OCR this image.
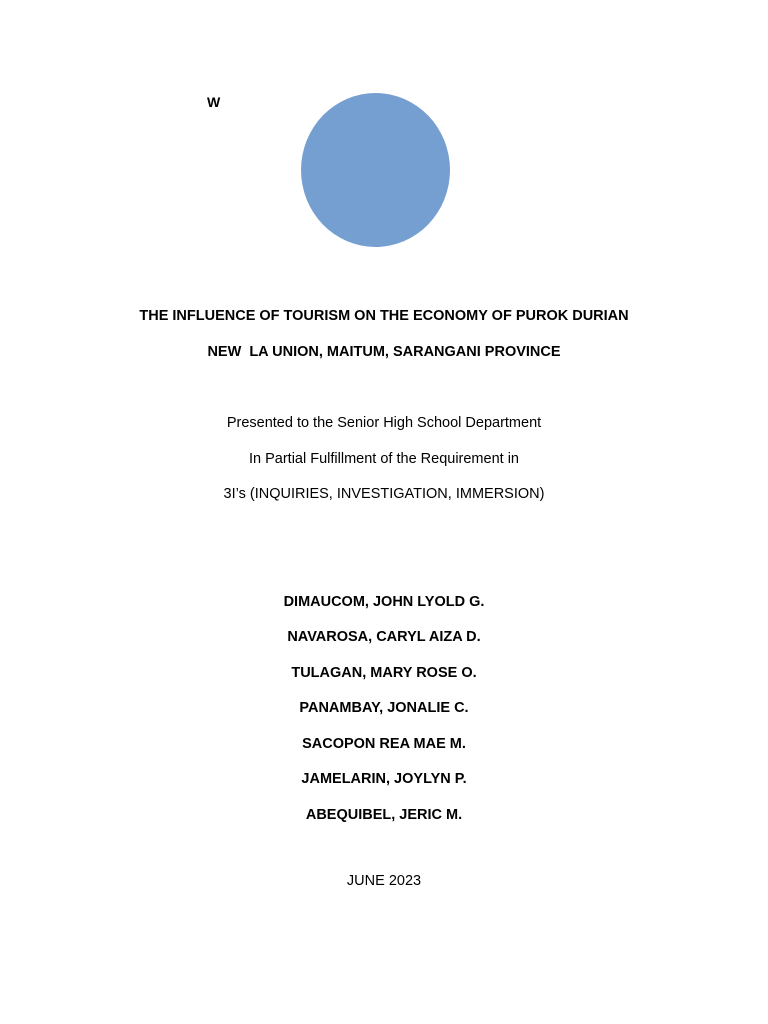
W
THE INFLUENCE OF TOURISM ON THE ECONOMY OF PUROK DURIAN
NEW  LA UNION, MAITUM, SARANGANI PROVINCE
Presented to the Senior High School Department
In Partial Fulfillment of the Requirement in
3I’s (INQUIRIES, INVESTIGATION, IMMERSION)
DIMAUCOM, JOHN LYOLD G.
NAVAROSA, CARYL AIZA D.
TULAGAN, MARY ROSE O.
PANAMBAY, JONALIE C.
SACOPON REA MAE M.
JAMELARIN, JOYLYN P.
ABEQUIBEL, JERIC M.
JUNE 2023
